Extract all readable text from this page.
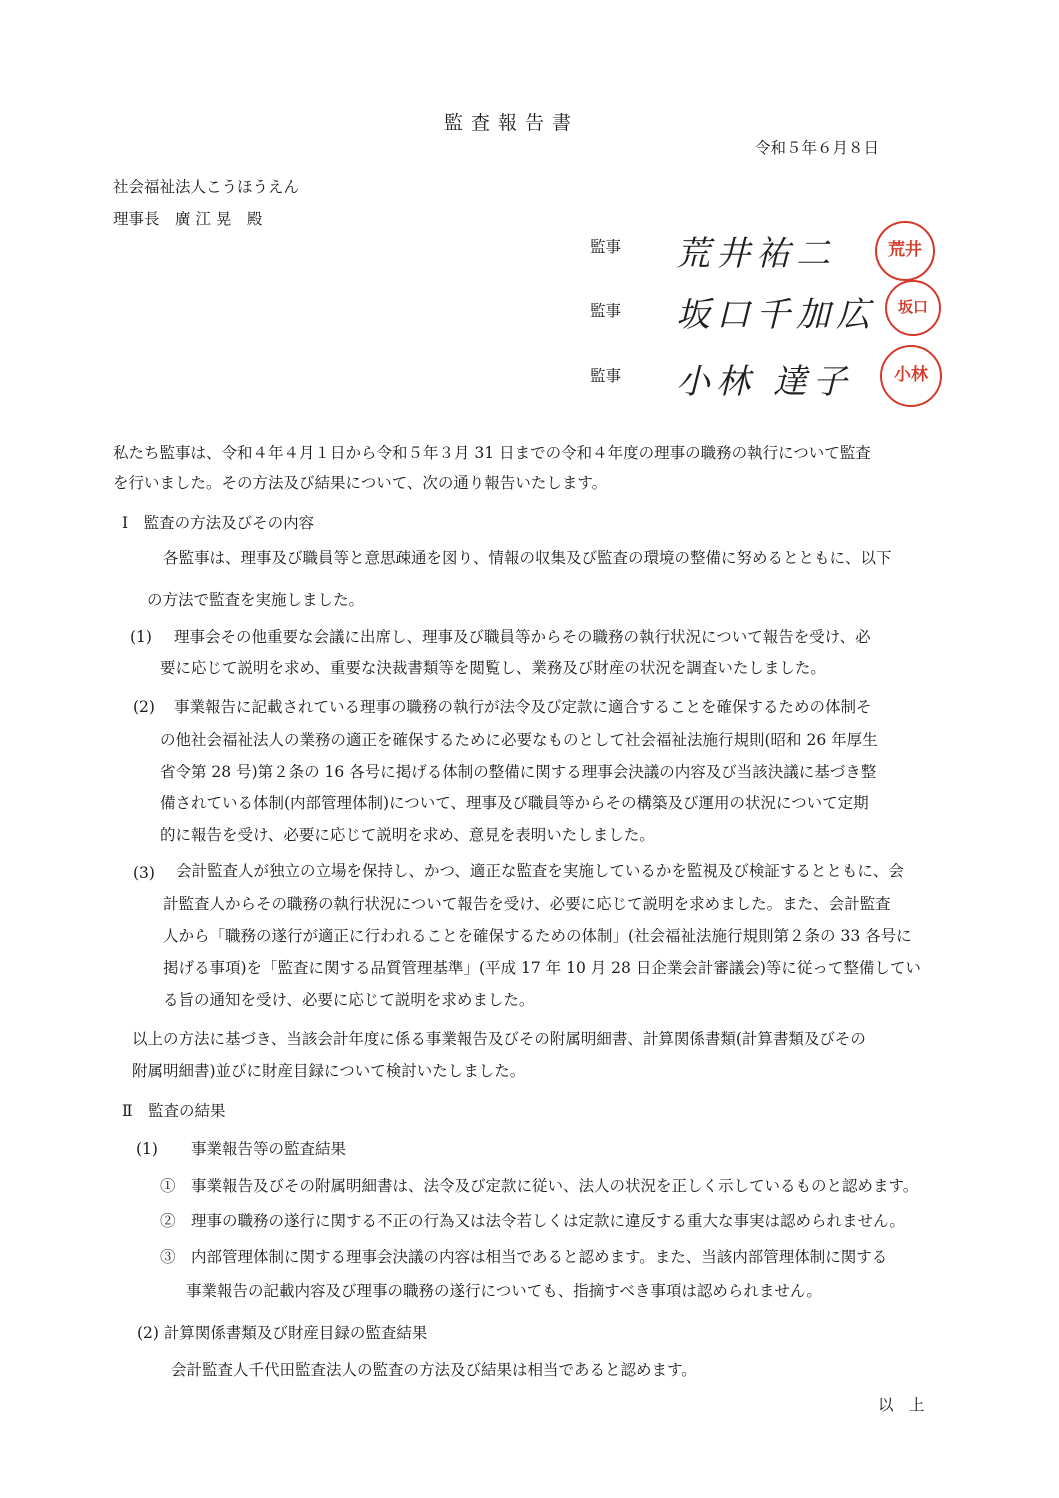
監査報告書
令和５年６月８日
社会福祉法人こうほうえん
理事長　廣 江 晃　殿
監事 荒井祐二	荒井
監事 坂口千加広	坂口
監事 小林 達子	小林
私たち監事は、令和４年４月１日から令和５年３月 31 日までの令和４年度の理事の職務の執行について監査
を行いました。その方法及び結果について、次の通り報告いたします。
Ⅰ　監査の方法及びその内容
各監事は、理事及び職員等と意思疎通を図り、情報の収集及び監査の環境の整備に努めるとともに、以下
の方法で監査を実施しました。
(1) 理事会その他重要な会議に出席し、理事及び職員等からその職務の執行状況について報告を受け、必
要に応じて説明を求め、重要な決裁書類等を閲覧し、業務及び財産の状況を調査いたしました。
(2) 事業報告に記載されている理事の職務の執行が法令及び定款に適合することを確保するための体制そ
の他社会福祉法人の業務の適正を確保するために必要なものとして社会福祉法施行規則(昭和 26 年厚生
省令第 28 号)第２条の 16 各号に掲げる体制の整備に関する理事会決議の内容及び当該決議に基づき整
備されている体制(内部管理体制)について、理事及び職員等からその構築及び運用の状況について定期
的に報告を受け、必要に応じて説明を求め、意見を表明いたしました。
(3) 会計監査人が独立の立場を保持し、かつ、適正な監査を実施しているかを監視及び検証するとともに、会
計監査人からその職務の執行状況について報告を受け、必要に応じて説明を求めました。また、会計監査
人から「職務の遂行が適正に行われることを確保するための体制」(社会福祉法施行規則第２条の 33 各号に
掲げる事項)を「監査に関する品質管理基準」(平成 17 年 10 月 28 日企業会計審議会)等に従って整備してい
る旨の通知を受け、必要に応じて説明を求めました。
以上の方法に基づき、当該会計年度に係る事業報告及びその附属明細書、計算関係書類(計算書類及びその
附属明細書)並びに財産目録について検討いたしました。
Ⅱ　監査の結果
(1) 事業報告等の監査結果
①　事業報告及びその附属明細書は、法令及び定款に従い、法人の状況を正しく示しているものと認めます。
②　理事の職務の遂行に関する不正の行為又は法令若しくは定款に違反する重大な事実は認められません。
③　内部管理体制に関する理事会決議の内容は相当であると認めます。また、当該内部管理体制に関する
事業報告の記載内容及び理事の職務の遂行についても、指摘すべき事項は認められません。
(2) 計算関係書類及び財産目録の監査結果
会計監査人千代田監査法人の監査の方法及び結果は相当であると認めます。
以　上
